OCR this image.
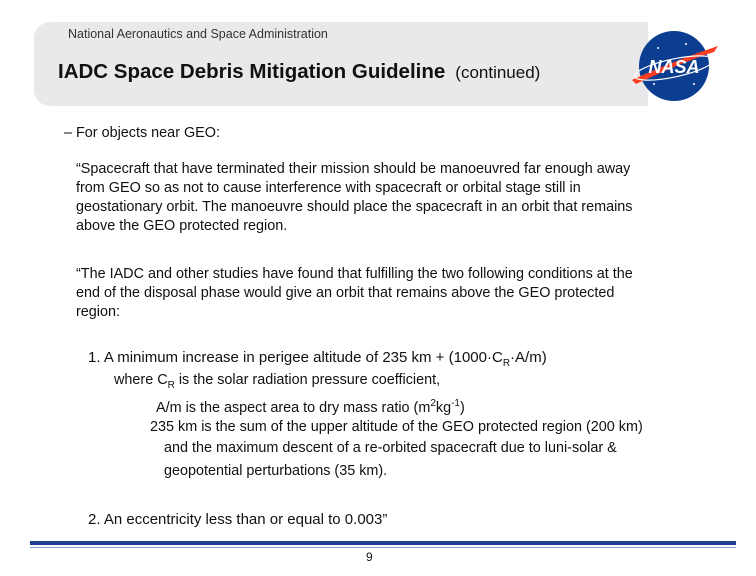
National Aeronautics and Space Administration
IADC Space Debris Mitigation Guideline (continued)	NASA
– For objects near GEO:
“Spacecraft that have terminated their mission should be manoeuvred far enough away
from GEO so as not to cause interference with spacecraft or orbital stage still in
geostationary orbit. The manoeuvre should place the spacecraft in an orbit that remains
above the GEO protected region.
“The IADC and other studies have found that fulfilling the two following conditions at the
end of the disposal phase would give an orbit that remains above the GEO protected
region:
1. A minimum increase in perigee altitude of 235 km + $(1000\cdot C_R\cdot A/m)$
where $C_R$ is the solar radiation pressure coefficient,
A/m is the aspect area to dry mass ratio $(m^2kg^{-1})$
235 km is the sum of the upper altitude of the GEO protected region (200 km)
and the maximum descent of a re-orbited spacecraft due to luni-solar &
geopotential perturbations (35 km).
2. An eccentricity less than or equal to 0.003”
9
